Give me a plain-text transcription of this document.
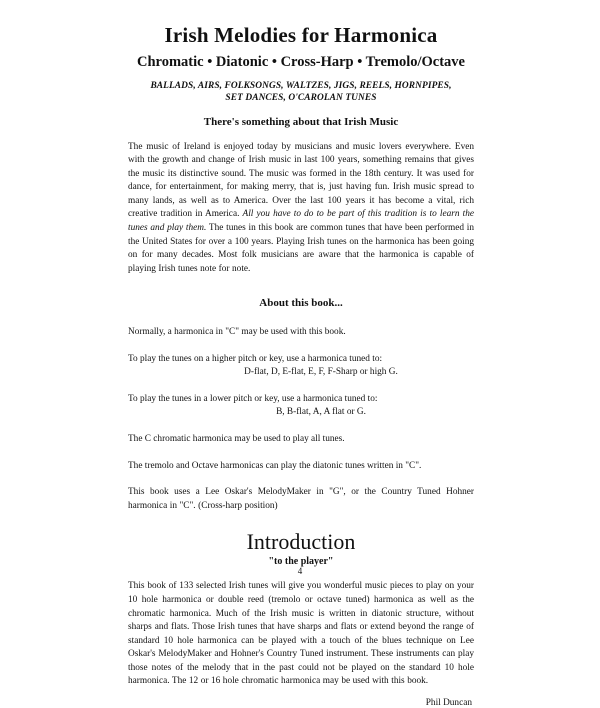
Irish Melodies for Harmonica
Chromatic • Diatonic • Cross-Harp • Tremolo/Octave
BALLADS, AIRS, FOLKSONGS, WALTZES, JIGS, REELS, HORNPIPES,
SET DANCES, O'CAROLAN TUNES
There's something about that Irish Music

The music of Ireland is enjoyed today by musicians and music lovers everywhere. Even with the growth and change of Irish music in last 100 years, something remains that gives the music its distinctive sound. The music was formed in the 18th century. It was used for dance, for entertainment, for making merry, that is, just having fun. Irish music spread to many lands, as well as to America. Over the last 100 years it has become a vital, rich creative tradition in America. All you have to do to be part of this tradition is to learn the tunes and play them. The tunes in this book are common tunes that have been performed in the United States for over a 100 years. Playing Irish tunes on the harmonica has been going on for many decades. Most folk musicians are aware that the harmonica is capable of playing Irish tunes note for note.

About this book...

Normally, a harmonica in "C" may be used with this book.

To play the tunes on a higher pitch or key, use a harmonica tuned to:

D-flat, D, E-flat, E, F, F-Sharp or high G.

To play the tunes in a lower pitch or key, use a harmonica tuned to:

B, B-flat, A, A flat or G.

The C chromatic harmonica may be used to play all tunes.

The tremolo and Octave harmonicas can play the diatonic tunes written in "C".

This book uses a Lee Oskar's MelodyMaker in "G", or the Country Tuned Hohner harmonica in "C". (Cross-harp position)

Introduction
"to the player"

This book of 133 selected Irish tunes will give you wonderful music pieces to play on your 10 hole harmonica or double reed (tremolo or octave tuned) harmonica as well as the chromatic harmonica. Much of the Irish music is written in diatonic structure, without sharps and flats. Those Irish tunes that have sharps and flats or extend beyond the range of standard 10 hole harmonica can be played with a touch of the blues technique on Lee Oskar's MelodyMaker and Hohner's Country Tuned instrument. These instruments can play those notes of the melody that in the past could not be played on the standard 10 hole harmonica. The 12 or 16 hole chromatic harmonica may be used with this book.

Phil Duncan

4
